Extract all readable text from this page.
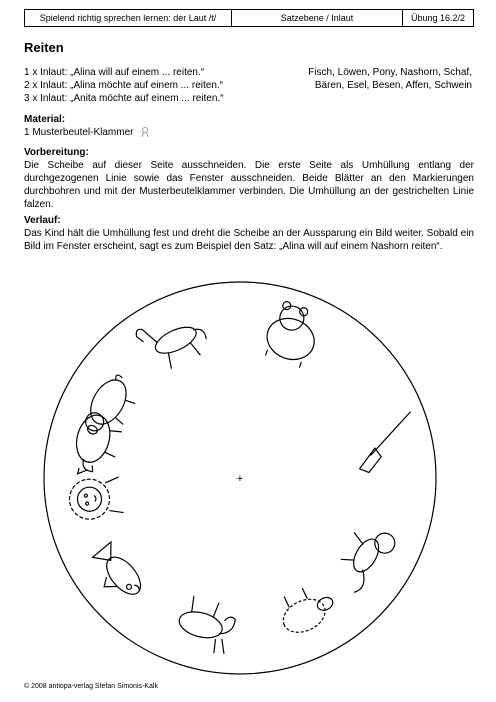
Spielend richtig sprechen lernen: der Laut /t/	Satzebene / Inlaut	Übung 16.2/2
Reiten
1 x Inlaut: „Alina will auf einem ... reiten.“
2 x Inlaut: „Alina möchte auf einem ... reiten.“
3 x Inlaut: „Anita möchte auf einem ... reiten.“
Fisch, Löwen, Pony, Nashorn, Schaf,
Bären, Esel, Besen, Affen, Schwein
Material:
1 Musterbeutel-Klammer
Vorbereitung:
Die Scheibe auf dieser Seite ausschneiden. Die erste Seite als Umhüllung entlang der durchgezogenen Linie sowie das Fenster ausschneiden. Beide Blätter an den Markierungen durchbohren und mit der Musterbeutelklammer verbinden. Die Umhüllung an der gestrichelten Linie falzen.
Verlauf:
Das Kind hält die Umhüllung fest und dreht die Scheibe an der Aussparung ein Bild weiter. Sobald ein Bild im Fenster erscheint, sagt es zum Beispiel den Satz: „Alina will auf einem Nashorn reiten“.
+
© 2008 antiopa-verlag Stefan Simonis-Kalk
